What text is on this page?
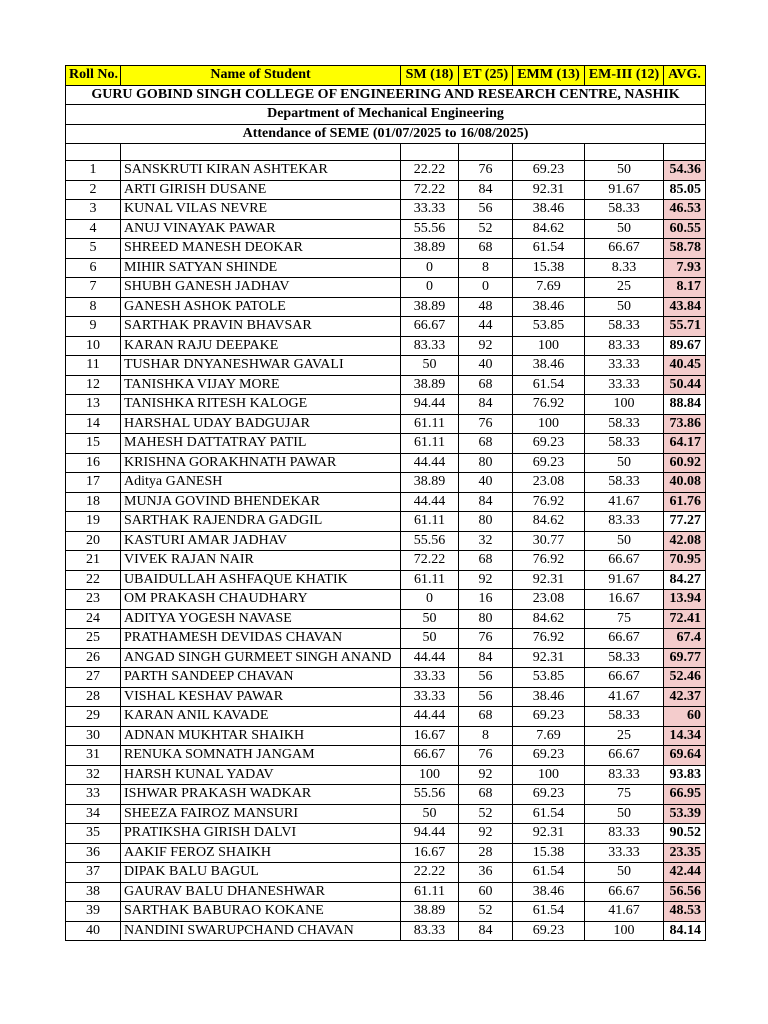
GURU GOBIND SINGH COLLEGE OF ENGINEERING AND RESEARCH CENTRE, NASHIK						
Department of Mechanical Engineering						
Attendance of SEME (01/07/2025 to 16/08/2025)						

Roll No.	Name of Student	SM (18)	ET (25)	EMM (13)	EM-III (12)	AVG.
1	SANSKRUTI KIRAN ASHTEKAR	22.22	76	69.23	50	54.36
2	ARTI GIRISH DUSANE	72.22	84	92.31	91.67	85.05
3	KUNAL VILAS NEVRE	33.33	56	38.46	58.33	46.53
4	ANUJ VINAYAK PAWAR	55.56	52	84.62	50	60.55
5	SHREED MANESH DEOKAR	38.89	68	61.54	66.67	58.78
6	MIHIR SATYAN SHINDE	0	8	15.38	8.33	7.93
7	SHUBH GANESH JADHAV	0	0	7.69	25	8.17
8	GANESH ASHOK PATOLE	38.89	48	38.46	50	43.84
9	SARTHAK PRAVIN BHAVSAR	66.67	44	53.85	58.33	55.71
10	KARAN RAJU DEEPAKE	83.33	92	100	83.33	89.67
11	TUSHAR DNYANESHWAR GAVALI	50	40	38.46	33.33	40.45
12	TANISHKA VIJAY MORE	38.89	68	61.54	33.33	50.44
13	TANISHKA RITESH KALOGE	94.44	84	76.92	100	88.84
14	HARSHAL UDAY BADGUJAR	61.11	76	100	58.33	73.86
15	MAHESH DATTATRAY PATIL	61.11	68	69.23	58.33	64.17
16	KRISHNA GORAKHNATH PAWAR	44.44	80	69.23	50	60.92
17	Aditya GANESH	38.89	40	23.08	58.33	40.08
18	MUNJA GOVIND BHENDEKAR	44.44	84	76.92	41.67	61.76
19	SARTHAK RAJENDRA GADGIL	61.11	80	84.62	83.33	77.27
20	KASTURI AMAR JADHAV	55.56	32	30.77	50	42.08
21	VIVEK RAJAN NAIR	72.22	68	76.92	66.67	70.95
22	UBAIDULLAH ASHFAQUE KHATIK	61.11	92	92.31	91.67	84.27
23	OM PRAKASH CHAUDHARY	0	16	23.08	16.67	13.94
24	ADITYA YOGESH NAVASE	50	80	84.62	75	72.41
25	PRATHAMESH DEVIDAS CHAVAN	50	76	76.92	66.67	67.4
26	ANGAD SINGH GURMEET SINGH ANAND	44.44	84	92.31	58.33	69.77
27	PARTH SANDEEP CHAVAN	33.33	56	53.85	66.67	52.46
28	VISHAL KESHAV PAWAR	33.33	56	38.46	41.67	42.37
29	KARAN ANIL KAVADE	44.44	68	69.23	58.33	60
30	ADNAN MUKHTAR SHAIKH	16.67	8	7.69	25	14.34
31	RENUKA SOMNATH JANGAM	66.67	76	69.23	66.67	69.64
32	HARSH KUNAL YADAV	100	92	100	83.33	93.83
33	ISHWAR PRAKASH WADKAR	55.56	68	69.23	75	66.95
34	SHEEZA FAIROZ MANSURI	50	52	61.54	50	53.39
35	PRATIKSHA GIRISH DALVI	94.44	92	92.31	83.33	90.52
36	AAKIF FEROZ SHAIKH	16.67	28	15.38	33.33	23.35
37	DIPAK BALU BAGUL	22.22	36	61.54	50	42.44
38	GAURAV BALU DHANESHWAR	61.11	60	38.46	66.67	56.56
39	SARTHAK BABURAO KOKANE	38.89	52	61.54	41.67	48.53
40	NANDINI SWARUPCHAND CHAVAN	83.33	84	69.23	100	84.14
